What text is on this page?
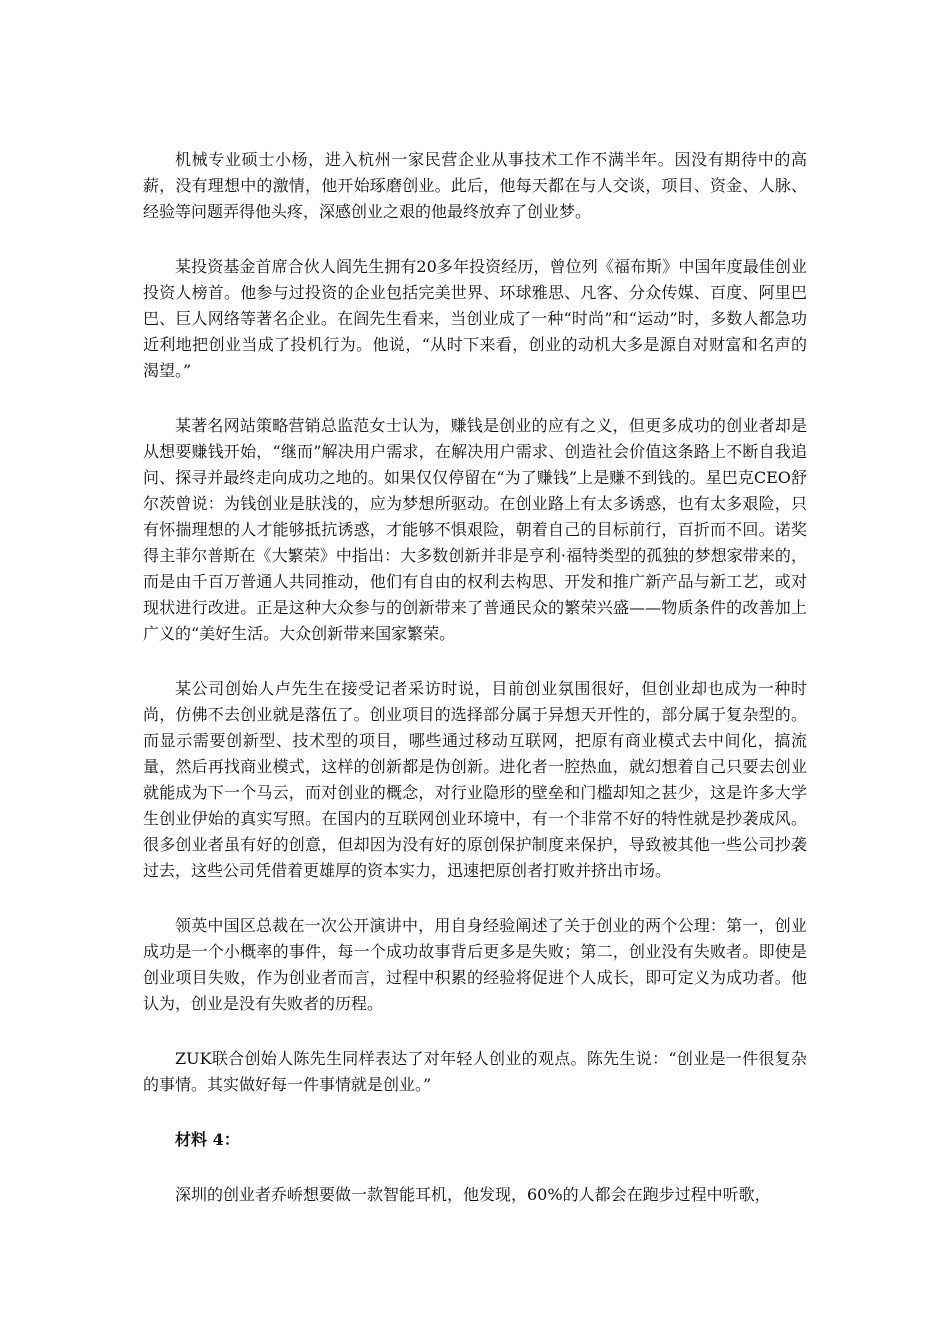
机械专业硕士小杨，进入杭州一家民营企业从事技术工作不满半年。因没有期待中的高薪，没有理想中的激情，他开始琢磨创业。此后，他每天都在与人交谈，项目、资金、人脉、经验等问题弄得他头疼，深感创业之艰的他最终放弃了创业梦。

某投资基金首席合伙人阎先生拥有20多年投资经历，曾位列《福布斯》中国年度最佳创业投资人榜首。他参与过投资的企业包括完美世界、环球雅思、凡客、分众传媒、百度、阿里巴巴、巨人网络等著名企业。在阎先生看来，当创业成了一种“时尚”和“运动”时，多数人都急功近利地把创业当成了投机行为。他说，“从时下来看，创业的动机大多是源自对财富和名声的渴望。”

某著名网站策略营销总监范女士认为，赚钱是创业的应有之义，但更多成功的创业者却是从想要赚钱开始，“继而”解决用户需求，在解决用户需求、创造社会价值这条路上不断自我追问、探寻并最终走向成功之地的。如果仅仅停留在“为了赚钱”上是赚不到钱的。星巴克CEO舒尔茨曾说：为钱创业是肤浅的，应为梦想所驱动。在创业路上有太多诱惑，也有太多艰险，只有怀揣理想的人才能够抵抗诱惑，才能够不惧艰险，朝着自己的目标前行，百折而不回。诺奖得主菲尔普斯在《大繁荣》中指出：大多数创新并非是亨利·福特类型的孤独的梦想家带来的，而是由千百万普通人共同推动，他们有自由的权利去构思、开发和推广新产品与新工艺，或对现状进行改进。正是这种大众参与的创新带来了普通民众的繁荣兴盛——物质条件的改善加上广义的“美好生活。大众创新带来国家繁荣。

某公司创始人卢先生在接受记者采访时说，目前创业氛围很好，但创业却也成为一种时尚，仿佛不去创业就是落伍了。创业项目的选择部分属于异想天开性的，部分属于复杂型的。而显示需要创新型、技术型的项目，哪些通过移动互联网，把原有商业模式去中间化，搞流量，然后再找商业模式，这样的创新都是伪创新。进化者一腔热血，就幻想着自己只要去创业就能成为下一个马云，而对创业的概念，对行业隐形的壁垒和门槛却知之甚少，这是许多大学生创业伊始的真实写照。在国内的互联网创业环境中，有一个非常不好的特性就是抄袭成风。很多创业者虽有好的创意，但却因为没有好的原创保护制度来保护，导致被其他一些公司抄袭过去，这些公司凭借着更雄厚的资本实力，迅速把原创者打败并挤出市场。

领英中国区总裁在一次公开演讲中，用自身经验阐述了关于创业的两个公理：第一，创业成功是一个小概率的事件，每一个成功故事背后更多是失败；第二，创业没有失败者。即使是创业项目失败，作为创业者而言，过程中积累的经验将促进个人成长，即可定义为成功者。他认为，创业是没有失败者的历程。

ZUK联合创始人陈先生同样表达了对年轻人创业的观点。陈先生说：“创业是一件很复杂的事情。其实做好每一件事情就是创业。”

材料 4：

深圳的创业者乔峤想要做一款智能耳机，他发现，60%的人都会在跑步过程中听歌，
